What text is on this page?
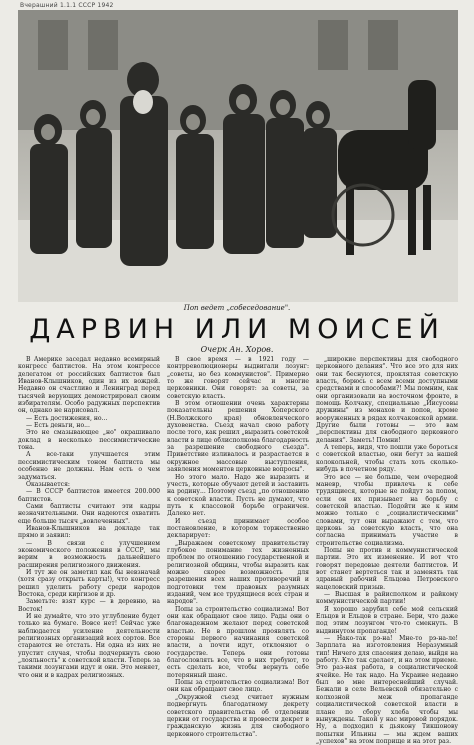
Вчерашний 1.1.1 СССР 1942
Поп ведет „собеседование".
ДАРВИН ИЛИ МОИСЕЙ
Очерк Ан. Хоров.

В Америке заседал недавно всемирный конгресс баптистов. На этом конгрессе делегатом от российских баптистов был Иванов-Клышников, один из их вождей. Недавно он счастливо и Ленинград перед тысячей верующих демонстрировал своим избирателям. Особо радужных перспектив он, однако не нарисовал.

— Есть достижения, но...

— Есть деньги, но...

Это не смазывающее „но" окрашивало доклад в несколько пессимистические тона.

А все-таки улучшается этим пессимистическим тоном баптиста мы особенно не должны. Нам есть о чем задуматься.

Оказывается:

— В СССР баптистов имеется 200.000 баптистов.

Сами баптисты считают эти кадры незначительными. Они надеются охватить еще больше тысяч „вовлеченных".

Иванов-Клышников на докладе так прямо и заявил:

— В связи с улучшением экономического положения в СССР, мы верим в возможность дальнейшего расширения религиозного движения.

И тут же он заметил как бы невзначай (хотя сразу открыть карты!), что конгресс решил уделить работу среди народов Востока, среди киргизов и др.

Заметьте: взят курс — в деревню, на Восток!

И не думайте, что это углубление будет только на бумаге. Вовсе нет! Сейчас уже наблюдается усиление деятельности религиозных организаций всех сортов. Все стараются не отстать. Ни одна из них не упустит случая, чтобы подчеркнуть свою „лояльность" к советской власти. Теперь за такими лозунгами идут и они. Это меняет, что они и в кадрах религиозных.

В свое время — в 1921 году — контрреволюционеры выдвигали лозунг: „советы, но без коммунистов". Примерно то же говорят сейчас и многие церковники. Они говорят: за советы, за советскую власть.

В этом отношении очень характерны показательны решения Хоперского (Н.Волжского края) обновленческого духовенства. Съезд начал свою работу после того, как решил „выразить советской власти в лице облисполкома благодарность за разрешение свободного съезда". Приветствие изливалось и разрастается в окружное массовые выступления, заявления моментов церковные вопросы".

Но этого мало. Надо же выразить и учесть, которые обучают детей и заставить на родину... Поэтому съезд „по отношению к советской власти. Пусть не думают, что путь к классовой борьбе ограничен. Далеко нет.

И съезд принимает особое постановление, в котором торжественно декларирует:

„Выражаем советскому правительству глубокое понимание тех жизненных проблем по отношению государственной и религиозной общины, чтобы выразить как можно скорее возможность для разрешения всех наших противоречий и подготовки тем правовых разумных изданий, чем все трудящиеся всех стран и народов".

Попы за строительство социализма! Вот они как обращают свое лицо. Рады они о благонадежном желают перед советской властью. Не в прошлом проявлять со стороны первого начинания советской власти, а почти идут, отклоняют о государстве. Теперь они готовы благословлять все, что в них требуют, то есть сделать все, чтобы вернуть себе потерянный шанс.

Попы за строительство социализма! Вот они как обращают свое лицо.

„Окружной съезд считает нужным подвергнуть благодатному декрету советского правительства об отделении церкви от государства и провести декрет в гражданскую жизнь для свободного церковного строительства".

„широкие перспективы для свободного церковного делания". Что все это для них они так беснуются, проклятая советскую власть, борюсь с всем всеми доступными средствами и способами?! Мы помним, как они организовали на восточном фронте, в помощь Колчаку, специальные „Иисусовы дружины" из монахов и попов, кроме вооруженных в рядах колчаковской армии. Другие были готовы — это вам „перспективы для свободного церковного делания". Заметь! Помни!

А теперь, видя, что пошли уже бороться с советской властью, они бегут за нашей колокольней, чтобы стать хоть сколько-нибудь в почетном ряду.

Это все — не больше, чем очередной маневр, чтобы привлечь к себе трудящиеся, которые не пойдут за попом, если он их призывает на борьбу с советской властью. Подойти же к ним можно только с „социалистическими" словами, тут они выражают с тем, что церковь за советскую власть, что она согласна принимать участие в строительстве социализма.

Попы не против и коммунистической партии. Это их изменение. И вот что говорят передовые деятели баптистов. И вот станет вертеться так и заменять так здравый рабочий Ельцова Петровского нацеловский призыв.

— Высшая в райисполком и райкому коммунистической партии!

Я хорошо зарубил себе мой сельский Ельцов и Ельцов в стране. Бери, что даже под этим лозунгом что-то смекнуть. В выдвинутом пропаганде!

— Нако-так рэ-на! Мне-то рэ-на-ле! Зарплата на изготовления Неразумный тип! Ничего для спасения делаю, выйдя на работу. Кто так сделает, и на этом приеме. Это раз-ная работа, в социалистической ячейке. Не так надо. На Украине недавно был во мне интереснейший случай. Бежали в селе Вельевской обязательно с колхозной меж пропаганде социалистической советской власти в плане по сбору хлеба чтобы мы вынуждены. Такой у нас мировой порядок. Ну, а подходил к дьякону Тикшонову попытки Ильины — мы ждем ваших „успехов" на этом поприще и на этот раз.
